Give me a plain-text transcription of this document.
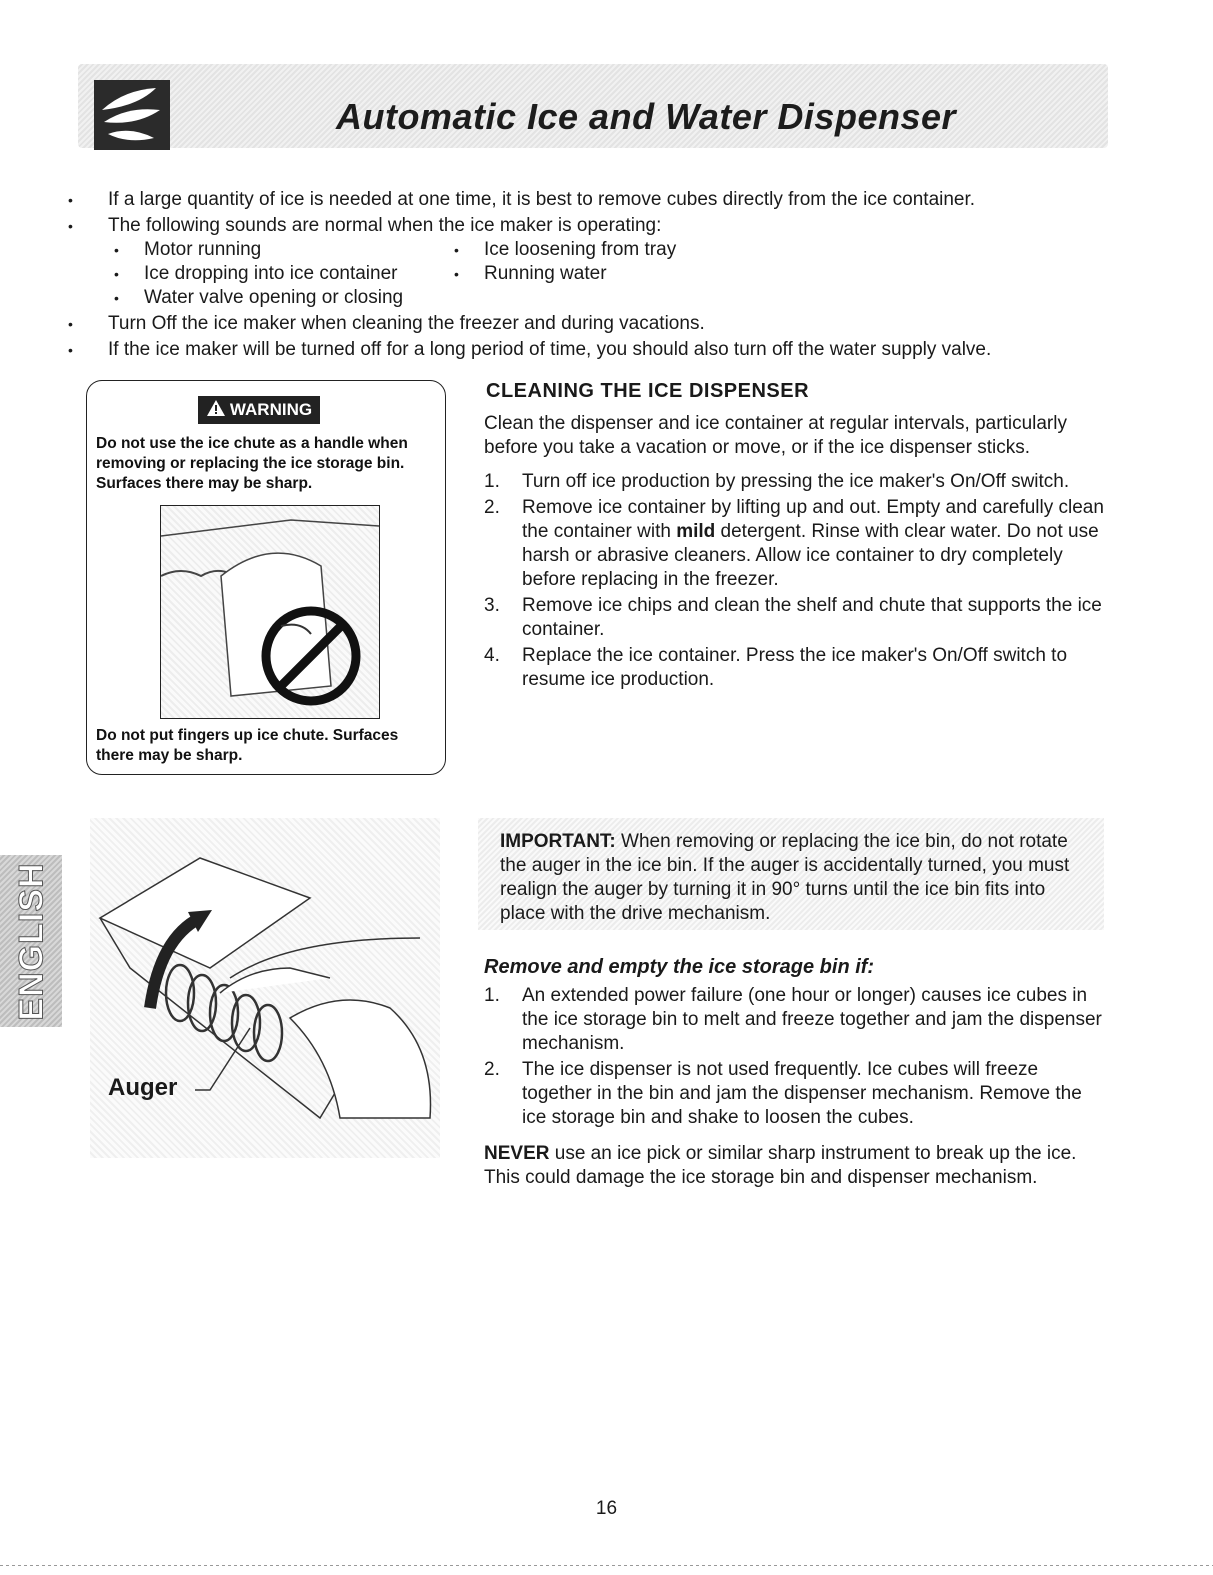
Automatic Ice and Water Dispenser
• If a large quantity of ice is needed at one time, it is best to remove cubes directly from the ice container.
• The following sounds are normal when the ice maker is operating:
• Motor running	• Ice loosening from tray
• Ice dropping into ice container	• Running water
• Water valve opening or closing
• Turn Off the ice maker when cleaning the freezer and during vacations.
• If the ice maker will be turned off for a long period of time, you should also turn off the water supply valve.
WARNING
Do not use the ice chute as a handle when removing or replacing the ice storage bin. Surfaces there may be sharp.
Do not put fingers up ice chute. Surfaces there may be sharp.
CLEANING THE ICE DISPENSER
Clean the dispenser and ice container at regular intervals, particularly before you take a vacation or move, or if the ice dispenser sticks.
1. Turn off ice production by pressing the ice maker's On/Off switch.
2. Remove ice container by lifting up and out. Empty and carefully clean the container with mild detergent. Rinse with clear water. Do not use harsh or abrasive cleaners. Allow ice container to dry completely before replacing in the freezer.
3. Remove ice chips and clean the shelf and chute that supports the ice container.
4. Replace the ice container. Press the ice maker's On/Off switch to resume ice production.
Auger
IMPORTANT: When removing or replacing the ice bin, do not rotate the auger in the ice bin. If the auger is accidentally turned, you must realign the auger by turning it in 90° turns until the ice bin fits into place with the drive mechanism.
Remove and empty the ice storage bin if:
1. An extended power failure (one hour or longer) causes ice cubes in the ice storage bin to melt and freeze together and jam the dispenser mechanism.
2. The ice dispenser is not used frequently. Ice cubes will freeze together in the bin and jam the dispenser mechanism. Remove the ice storage bin and shake to loosen the cubes.
NEVER use an ice pick or similar sharp instrument to break up the ice. This could damage the ice storage bin and dispenser mechanism.
ENGLISH
16
